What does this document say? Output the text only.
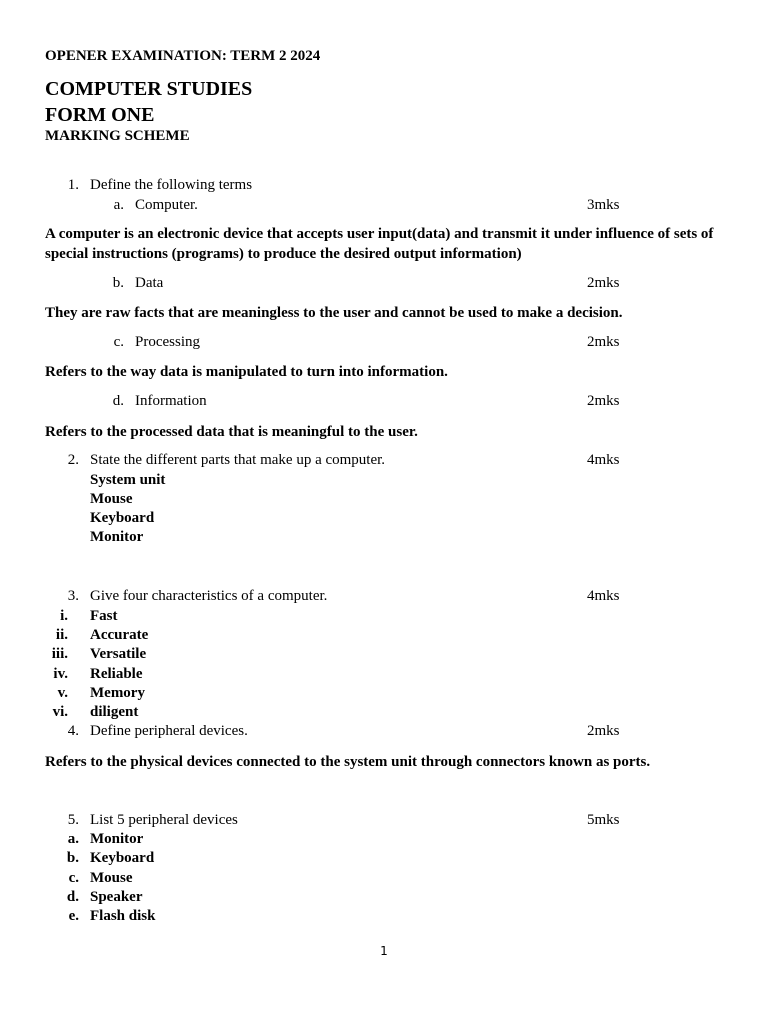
OPENER EXAMINATION: TERM 2 2024
COMPUTER STUDIES
FORM ONE
MARKING SCHEME
1. Define the following terms
a. Computer.	3mks
A computer is an electronic device that accepts user input(data) and transmit it under influence of sets of special instructions (programs) to produce the desired output information)
b. Data	2mks
They are raw facts that are meaningless to the user and cannot be used to make a decision.
c. Processing	2mks
Refers to the way data is manipulated to turn into information.
d. Information	2mks
Refers to the processed data that is meaningful to the user.
2. State the different parts that make up a computer.	4mks
System unit
Mouse
Keyboard
Monitor
3. Give four characteristics of a computer.	4mks
i. Fast
ii. Accurate
iii. Versatile
iv. Reliable
v. Memory
vi. diligent
4. Define peripheral devices.	2mks
Refers to the physical devices connected to the system unit through connectors known as ports.
5. List 5 peripheral devices	5mks
a. Monitor
b. Keyboard
c. Mouse
d. Speaker
e. Flash disk
1
